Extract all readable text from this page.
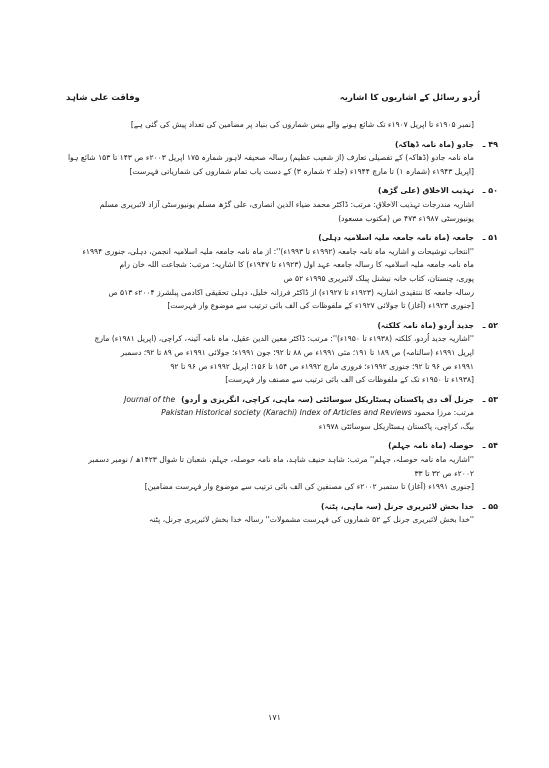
اُردو رسائل کے اشاریوں کا اشاریہ
وفاقت علی شاہد
[نمبر ۱۹۰۵ء تا اپریل ۱۹۰۷ء تک شائع ہونے والے بیس شماروں کی بنیاد پر مضامین کی تعداد پیش کی گئی ہے]
۴۹ ـ
جادو (ماہ نامہ ڈھاکہ)
ماہ نامہ جادو (ڈھاکہ) کے تفصیلی تعارف (از شعیب عظیم) رسالہ صحیفہ لاہور شمارہ ۱۷۵ اپریل ۲۰۰۳ء ص ۱۴۳ تا ۱۵۳ شائع ہوا
[اپریل ۱۹۴۳ء (شمارہ ۱) تا مارچ ۱۹۴۴ء (جلد ۲ شمارہ ۳) کے دست یاب تمام شماروں کی شماریاتی فہرست]
۵۰ ـ
تہذیب الاخلاق (علی گڑھ)
اشاریہ مندرجات تہذیب الاخلاق: مرتب: ڈاکٹر محمد ضیاء الدین انصاری، علی گڑھ مسلم یونیورسٹی آزاد لائبریری مسلم
یونیورسٹی ۱۹۸۷ء ۴۷۳ ص (مکتوب مسعود)
۵۱ ـ
جامعہ (ماہ نامہ جامعہ ملیہ اسلامیہ دہلی)
''انتخاب توشیحات و اشاریہ ماہ نامہ جامعہ (۱۹۹۲ء تا ۱۹۹۳ء)'': از ماہ نامہ جامعہ ملیہ اسلامیہ انجمن، دہلی، جنوری ۱۹۹۴ء
ماہ نامہ جامعہ ملیہ اسلامیہ کا رسالہ جامعہ عہد اول (۱۹۲۳ء تا ۱۹۴۷ء) کا اشاریہ: مرتب: شجاعت اللہ خان رام
پوری، چنستان، کتاب خانہ نیشنل پبلک لائبریری ۱۹۹۵ء ۵۲ ص
رسالہ جامعہ کا ننتقیدی اشاریہ (۱۹۲۳ء تا ۱۹۲۷ء) از ڈاکٹر فرزانہ خلیل، دہلی تحقیقی اکادمی پبلشرز ۲۰۰۴ء ۵۱۳ ص
[جنوری ۱۹۲۳ء (آغاز) تا جولائی ۱۹۲۷ء کے ملفوظات کی الف بائی ترتیب سے موضوع وار فہرست]
۵۲ ـ
جدید اُردو (ماہ نامہ کلکتہ)
''اشاریہ جدید اُردو، کلکتہ (۱۹۳۸ء تا ۱۹۵۰ء)'': مرتب: ڈاکٹر معین الدین عقیل، ماہ نامہ آئینہ، کراچی، (اپریل ۱۹۸۱ء) مارچ
اپریل ۱۹۹۱ء (سالنامہ) ص ۱۸۹ تا ۱۹۱؛ مئی ۱۹۹۱ء ص ۸۸ تا ۹۲؛ جون ۱۹۹۱ء؛ جولائی ۱۹۹۱ء ص ۸۹ تا ۹۲؛ دسمبر
۱۹۹۱ء ص ۹۶ تا ۹۲؛ جنوری ۱۹۹۲ء؛ فروری مارچ ۱۹۹۲ء ص ۱۵۴ تا ۱۵۶؛ اپریل ۱۹۹۲ء ص ۹۶ تا ۹۲
[۱۹۳۸ء تا ۱۹۵۰ء تک کے ملفوظات کی الف بائی ترتیب سے مصنف وار فہرست]
۵۳ ـ
جرنل آف دی پاکستان ہسٹاریکل سوسائٹی (سہ ماہی، کراچی، انگریزی و اُردو)
Journal of the
مرتب: مرزا محمود Pakistan Historical society (Karachi) Index of Articles and Reviews
بیگ، کراچی، پاکستان ہسٹاریکل سوسائٹی ۱۹۷۸ء
۵۴ ـ
حوصلہ (ماہ نامہ جہلم)
''اشاریہ ماہ نامہ حوصلہ، جہلم'' مرتب: شاہد حنیف شاہد، ماہ نامہ حوصلہ، جہلم، شعبان تا شوال ۱۴۲۳ھ / نومبر دسمبر
۲۰۰۲ء ص ۳۲ تا ۳۳
[جنوری ۱۹۹۱ء (آغاز) تا ستمبر ۲۰۰۲ء کی مصنفین کی الف بائی ترتیب سے موضوع وار فہرست مضامین]
۵۵ ـ
خدا بخش لائبریری جرنل (سہ ماہی، پٹنہ)
''خدا بخش لائبریری جرنل کے ۵۲ شماروں کی فہرست مشمولات'' رسالہ خدا بخش لائبریری جرنل، پٹنہ
۱۷۱
